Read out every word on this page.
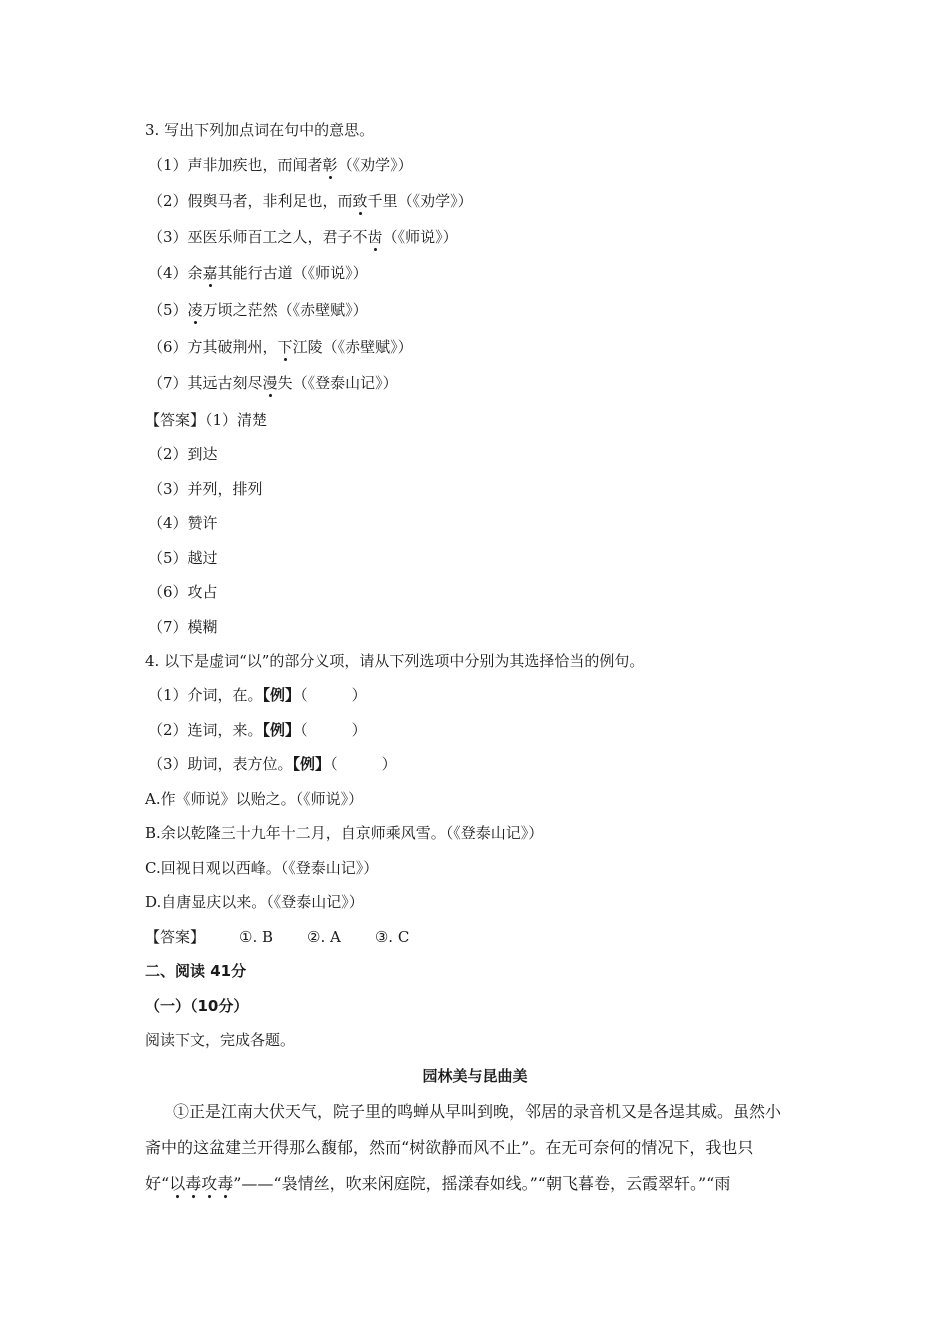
3. 写出下列加点词在句中的意思。
（1）声非加疾也，而闻者彰（《劝学》）
（2）假舆马者，非利足也，而致千里（《劝学》）
（3）巫医乐师百工之人，君子不齿（《师说》）
（4）余嘉其能行古道（《师说》）
（5）凌万顷之茫然（《赤壁赋》）
（6）方其破荆州，下江陵（《赤壁赋》）
（7）其远古刻尽漫失（《登泰山记》）
【答案】（1）清楚
（2）到达
（3）并列，排列
（4）赞许
（5）越过
（6）攻占
（7）模糊
4. 以下是虚词“以”的部分义项，请从下列选项中分别为其选择恰当的例句。
（1）介词，在。【例】（	）
（2）连词，来。【例】（	）
（3）助词，表方位。【例】（	）
A.作《师说》以贻之。（《师说》）
B.余以乾隆三十九年十二月，自京师乘风雪。（《登泰山记》）
C.回视日观以西峰。（《登泰山记》）
D.自唐显庆以来。（《登泰山记》）
【答案】 ①. B ②. A ③. C
二、阅读 41分
（一）（10分）
阅读下文，完成各题。
园林美与昆曲美
①正是江南大伏天气，院子里的鸣蝉从早叫到晚，邻居的录音机又是各逞其威。虽然小
斋中的这盆建兰开得那么馥郁，然而“树欲静而风不止”。在无可奈何的情况下，我也只
好“以毒攻毒”——“袅情丝，吹来闲庭院，摇漾春如线。”“朝飞暮卷，云霞翠轩。”“雨
